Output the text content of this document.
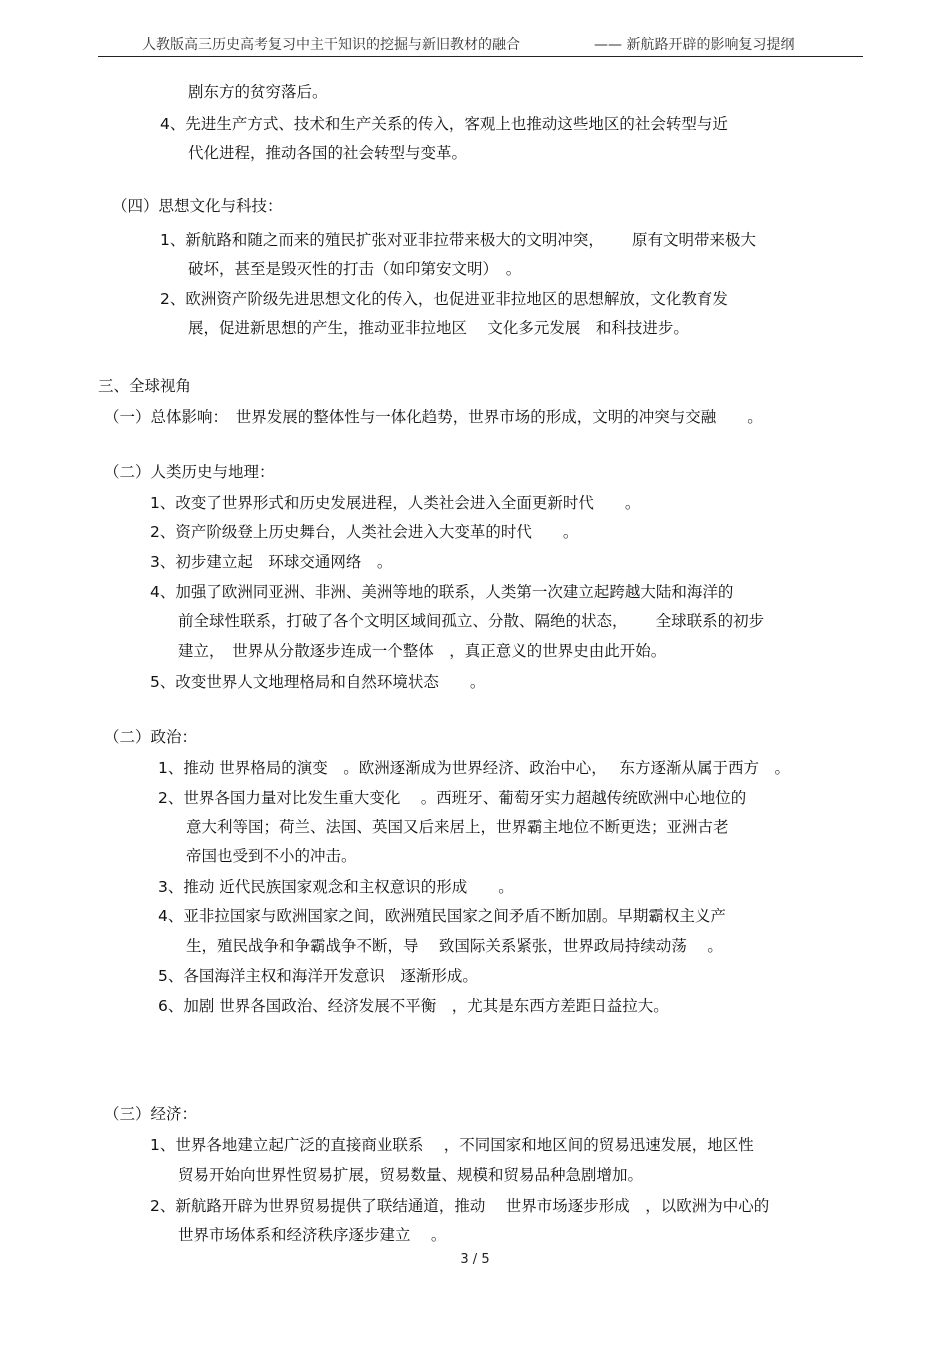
人教版高三历史高考复习中主干知识的挖掘与新旧教材的融合	—— 新航路开辟的影响复习提纲
剧东方的贫穷落后。
4、先进生产方式、技术和生产关系的传入，客观上也推动这些地区的社会转型与近
代化进程，推动各国的社会转型与变革。
（四）思想文化与科技：
1、新航路和随之而来的殖民扩张对亚非拉带来极大的文明冲突，　　 原有文明带来极大
破坏，甚至是毁灭性的打击（如印第安文明）　。
2、欧洲资产阶级先进思想文化的传入，也促进亚非拉地区的思想解放，文化教育发
展，促进新思想的产生，推动亚非拉地区　 文化多元发展　和科技进步。
三、全球视角
（一）总体影响：　世界发展的整体性与一体化趋势，世界市场的形成，文明的冲突与交融　　。
（二）人类历史与地理：
1、改变了世界形式和历史发展进程，人类社会进入全面更新时代　　。
2、资产阶级登上历史舞台，人类社会进入大变革的时代　　。
3、初步建立起　环球交通网络　。
4、加强了欧洲同亚洲、非洲、美洲等地的联系，人类第一次建立起跨越大陆和海洋的
前全球性联系，打破了各个文明区域间孤立、分散、隔绝的状态，　　 全球联系的初步
建立，　世界从分散逐步连成一个整体　，真正意义的世界史由此开始。
5、改变世界人文地理格局和自然环境状态　　。
（二）政治：
1、推动 世界格局的演变　。欧洲逐渐成为世界经济、政治中心，　 东方逐渐从属于西方　。
2、世界各国力量对比发生重大变化　 。西班牙、葡萄牙实力超越传统欧洲中心地位的
意大利等国；荷兰、法国、英国又后来居上，世界霸主地位不断更迭；亚洲古老
帝国也受到不小的冲击。
3、推动 近代民族国家观念和主权意识的形成　　。
4、亚非拉国家与欧洲国家之间，欧洲殖民国家之间矛盾不断加剧。早期霸权主义产
生，殖民战争和争霸战争不断，导　 致国际关系紧张，世界政局持续动荡　 。
5、各国海洋主权和海洋开发意识　逐渐形成。
6、加剧 世界各国政治、经济发展不平衡　，尤其是东西方差距日益拉大。
（三）经济：
1、世界各地建立起广泛的直接商业联系　 ，不同国家和地区间的贸易迅速发展，地区性
贸易开始向世界性贸易扩展，贸易数量、规模和贸易品种急剧增加。
2、新航路开辟为世界贸易提供了联结通道，推动　 世界市场逐步形成　，以欧洲为中心的
世界市场体系和经济秩序逐步建立　 。
3 / 5
